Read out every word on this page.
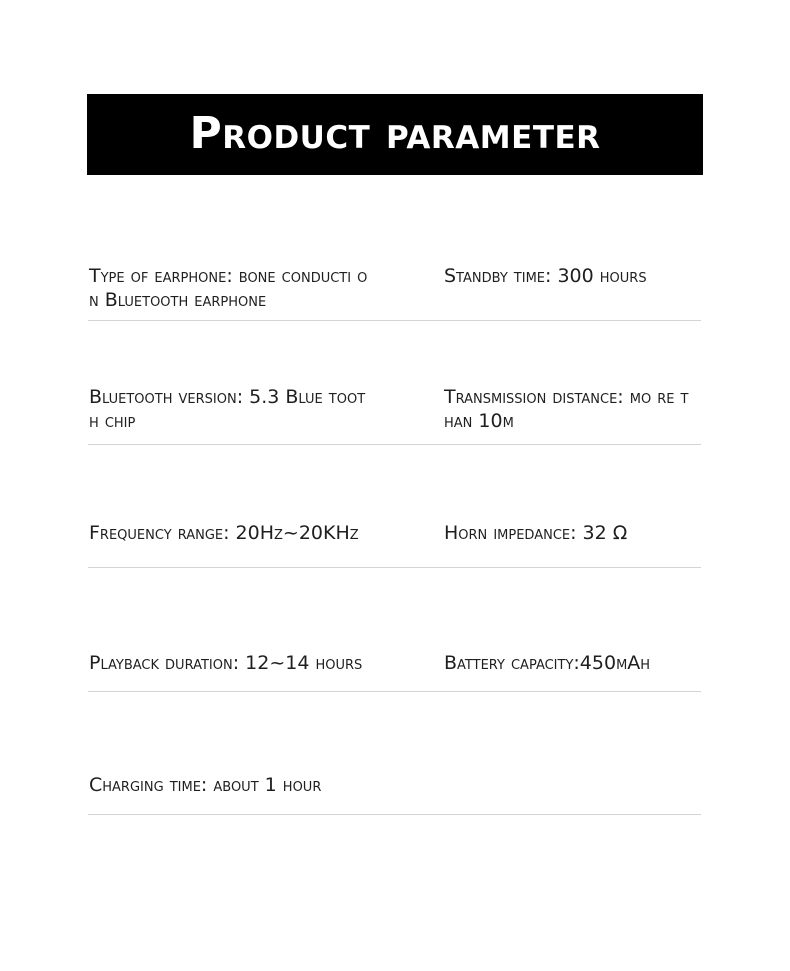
Product parameter
Type of earphone: bone conducti on Bluetooth earphone
Standby time: 300 hours
Bluetooth version: 5.3 Blue tooth chip
Transmission distance: mo re than 10m
Frequency range: 20Hz~20KHz	Horn impedance: 32 Ω
Playback duration: 12~14 hours	Battery capacity:450mAh
Charging time: about 1 hour
